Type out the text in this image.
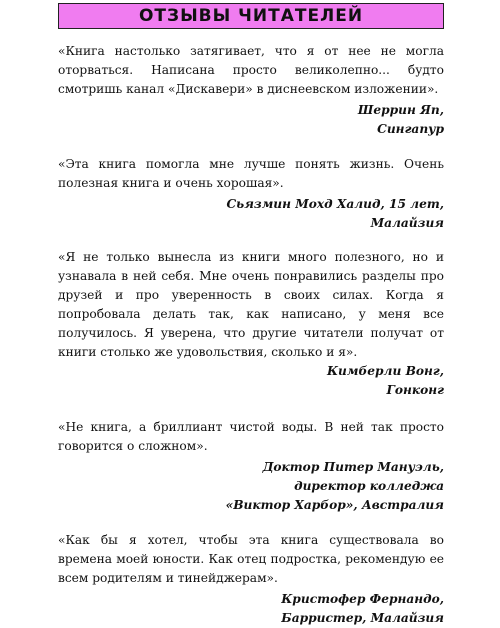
ОТЗЫВЫ ЧИТАТЕЛЕЙ

«Книга настолько затягивает, что я от нее не могла оторваться. Написана просто великолепно... будто смотришь канал «Дискавери» в диснеевском изложении».

Шеррин Яп,

Сингапур

«Эта книга помогла мне лучше понять жизнь. Очень полезная книга и очень хорошая».

Сьязмин Мохд Халид, 15 лет,

Малайзия

«Я не только вынесла из книги много полезного, но и узнавала в ней себя. Мне очень понравились разделы про друзей и про уверенность в своих силах. Когда я попробовала делать так, как написано, у меня все получилось. Я уверена, что другие читатели получат от книги столько же удовольствия, сколько и я».

Кимберли Вонг,

Гонконг

«Не книга, а бриллиант чистой воды. В ней так просто говорится о сложном».

Доктор Питер Мануэль,

директор колледжа

«Виктор Харбор», Австралия

«Как бы я хотел, чтобы эта книга существовала во времена моей юности. Как отец подростка, рекомендую ее всем родителям и тинейджерам».

Кристофер Фернандо,

Барристер, Малайзия
